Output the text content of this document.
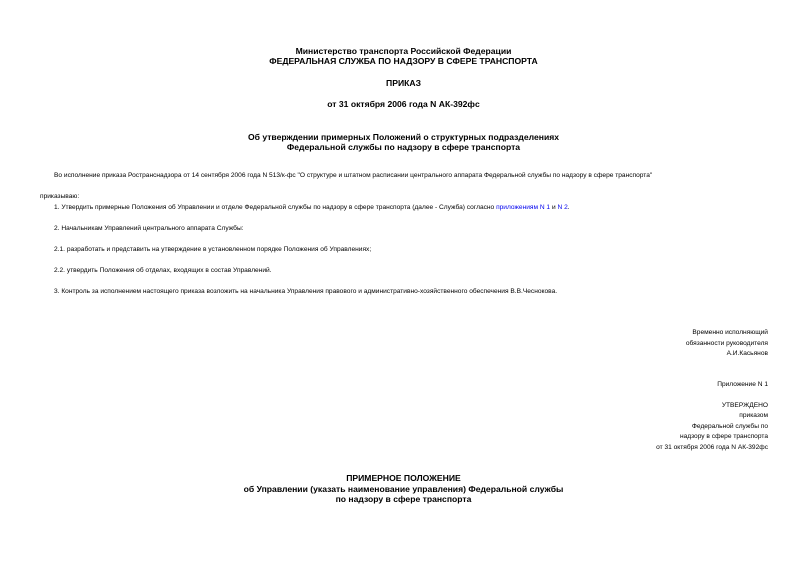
Министерство транспорта Российской Федерации
ФЕДЕРАЛЬНАЯ СЛУЖБА ПО НАДЗОРУ В СФЕРЕ ТРАНСПОРТА
ПРИКАЗ
от 31 октября 2006 года N АК-392фс
Об утверждении примерных Положений о структурных подразделениях
Федеральной службы по надзору в сфере транспорта
Во исполнение приказа Ространснадзора от 14 сентября 2006 года N 513/к-фс "О структуре и штатном расписании центрального аппарата Федеральной службы по надзору в сфере транспорта"
приказываю:
1. Утвердить примерные Положения об Управлении и отделе Федеральной службы по надзору в сфере транспорта (далее - Служба) согласно приложениям N 1 и N 2.
2. Начальникам Управлений центрального аппарата Службы:
2.1. разработать и представить на утверждение в установленном порядке Положения об Управлениях;
2.2. утвердить Положения об отделах, входящих в состав Управлений.
3. Контроль за исполнением настоящего приказа возложить на начальника Управления правового и административно-хозяйственного обеспечения В.В.Чеснокова.
Временно исполняющий
обязанности руководителя
А.И.Касьянов
Приложение N 1
УТВЕРЖДЕНО
приказом
Федеральной службы по
надзору в сфере транспорта
от 31 октября 2006 года N АК-392фс
ПРИМЕРНОЕ ПОЛОЖЕНИЕ
об Управлении (указать наименование управления) Федеральной службы
по надзору в сфере транспорта
